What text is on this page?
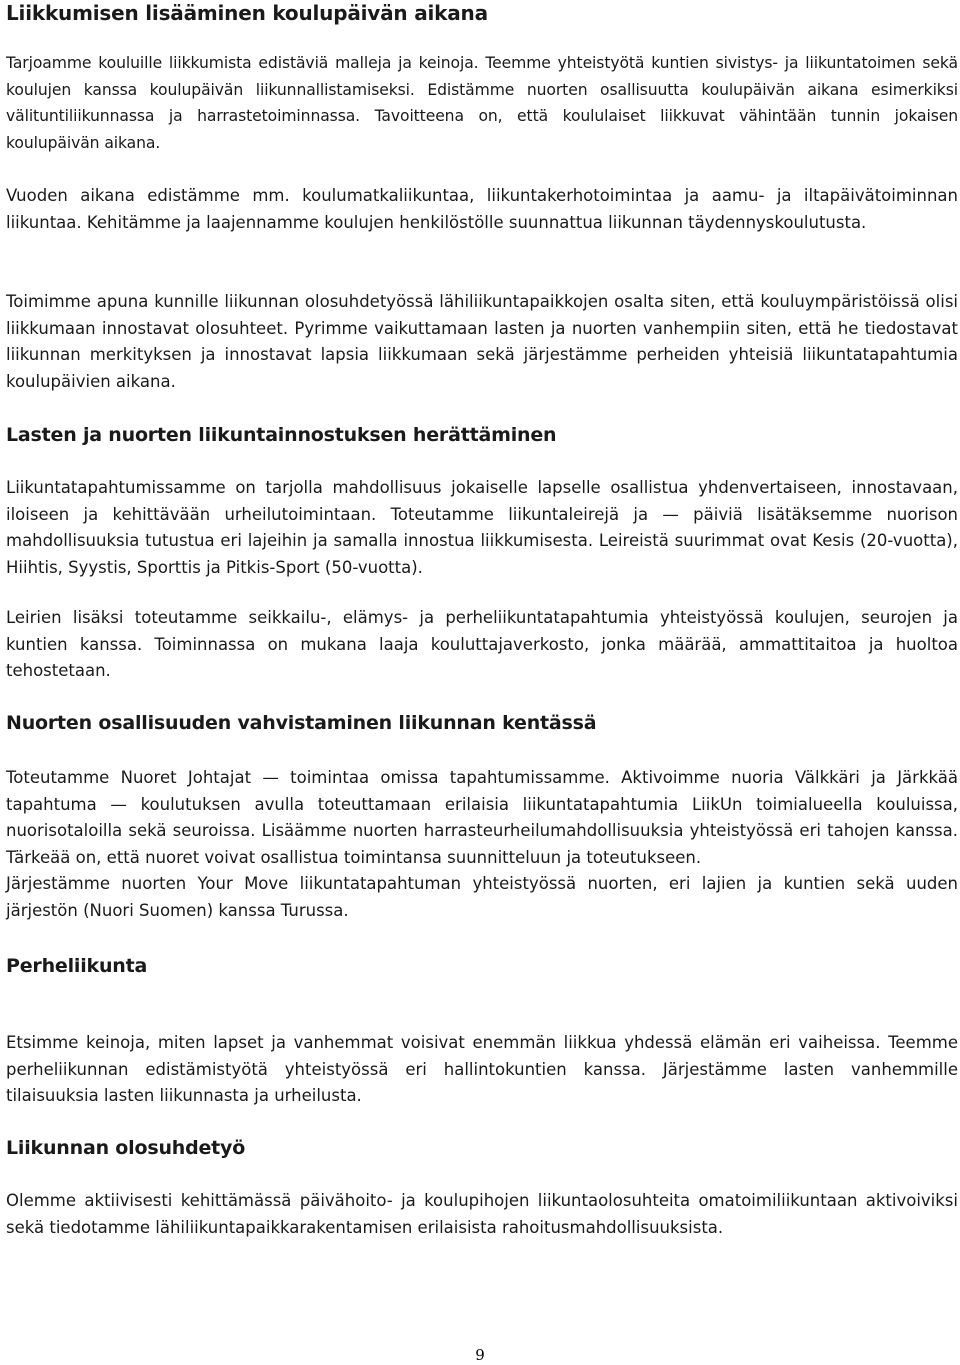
Liikkumisen lisääminen koulupäivän aikana

Tarjoamme kouluille liikkumista edistäviä malleja ja keinoja. Teemme yhteistyötä kuntien sivistys- ja liikuntatoimen sekä koulujen kanssa koulupäivän liikunnallistamiseksi. Edistämme nuorten osallisuutta koulupäivän aikana esimerkiksi välituntiliikunnassa ja harrastetoiminnassa. Tavoitteena on, että koululaiset liikkuvat vähintään tunnin jokaisen koulupäivän aikana.

Vuoden aikana edistämme mm. koulumatkaliikuntaa, liikuntakerhotoimintaa ja aamu- ja iltapäivätoiminnan liikuntaa. Kehitämme ja laajennamme koulujen henkilöstölle suunnattua liikunnan täydennyskoulutusta.

Toimimme apuna kunnille liikunnan olosuhdetyössä lähiliikuntapaikkojen osalta siten, että kouluympäristöissä olisi liikkumaan innostavat olosuhteet. Pyrimme vaikuttamaan lasten ja nuorten vanhempiin siten, että he tiedostavat liikunnan merkityksen ja innostavat lapsia liikkumaan sekä järjestämme perheiden yhteisiä liikuntatapahtumia koulupäivien aikana.

Lasten ja nuorten liikuntainnostuksen herättäminen

Liikuntatapahtumissamme on tarjolla mahdollisuus jokaiselle lapselle osallistua yhdenvertaiseen, innostavaan, iloiseen ja kehittävään urheilutoimintaan. Toteutamme liikuntaleirejä ja — päiviä lisätäksemme nuorison mahdollisuuksia tutustua eri lajeihin ja samalla innostua liikkumisesta. Leireistä suurimmat ovat Kesis (20-vuotta), Hiihtis, Syystis, Sporttis ja Pitkis-Sport (50-vuotta).

Leirien lisäksi toteutamme seikkailu-, elämys- ja perheliikuntatapahtumia yhteistyössä koulujen, seurojen ja kuntien kanssa. Toiminnassa on mukana laaja kouluttajaverkosto, jonka määrää, ammattitaitoa ja huoltoa tehostetaan.

Nuorten osallisuuden vahvistaminen liikunnan kentässä

Toteutamme Nuoret Johtajat — toimintaa omissa tapahtumissamme. Aktivoimme nuoria Välkkäri ja Järkkää tapahtuma — koulutuksen avulla toteuttamaan erilaisia liikuntatapahtumia LiikUn toimialueella kouluissa, nuorisotaloilla sekä seuroissa. Lisäämme nuorten harrasteurheilumahdollisuuksia yhteistyössä eri tahojen kanssa. Tärkeää on, että nuoret voivat osallistua toimintansa suunnitteluun ja toteutukseen.

Järjestämme nuorten Your Move liikuntatapahtuman yhteistyössä nuorten, eri lajien ja kuntien sekä uuden järjestön (Nuori Suomen) kanssa Turussa.

Perheliikunta

Etsimme keinoja, miten lapset ja vanhemmat voisivat enemmän liikkua yhdessä elämän eri vaiheissa. Teemme perheliikunnan edistämistyötä yhteistyössä eri hallintokuntien kanssa. Järjestämme lasten vanhemmille tilaisuuksia lasten liikunnasta ja urheilusta.

Liikunnan olosuhdetyö

Olemme aktiivisesti kehittämässä päivähoito- ja koulupihojen liikuntaolosuhteita omatoimiliikuntaan aktivoiviksi sekä tiedotamme lähiliikuntapaikkarakentamisen erilaisista rahoitusmahdollisuuksista.

9
